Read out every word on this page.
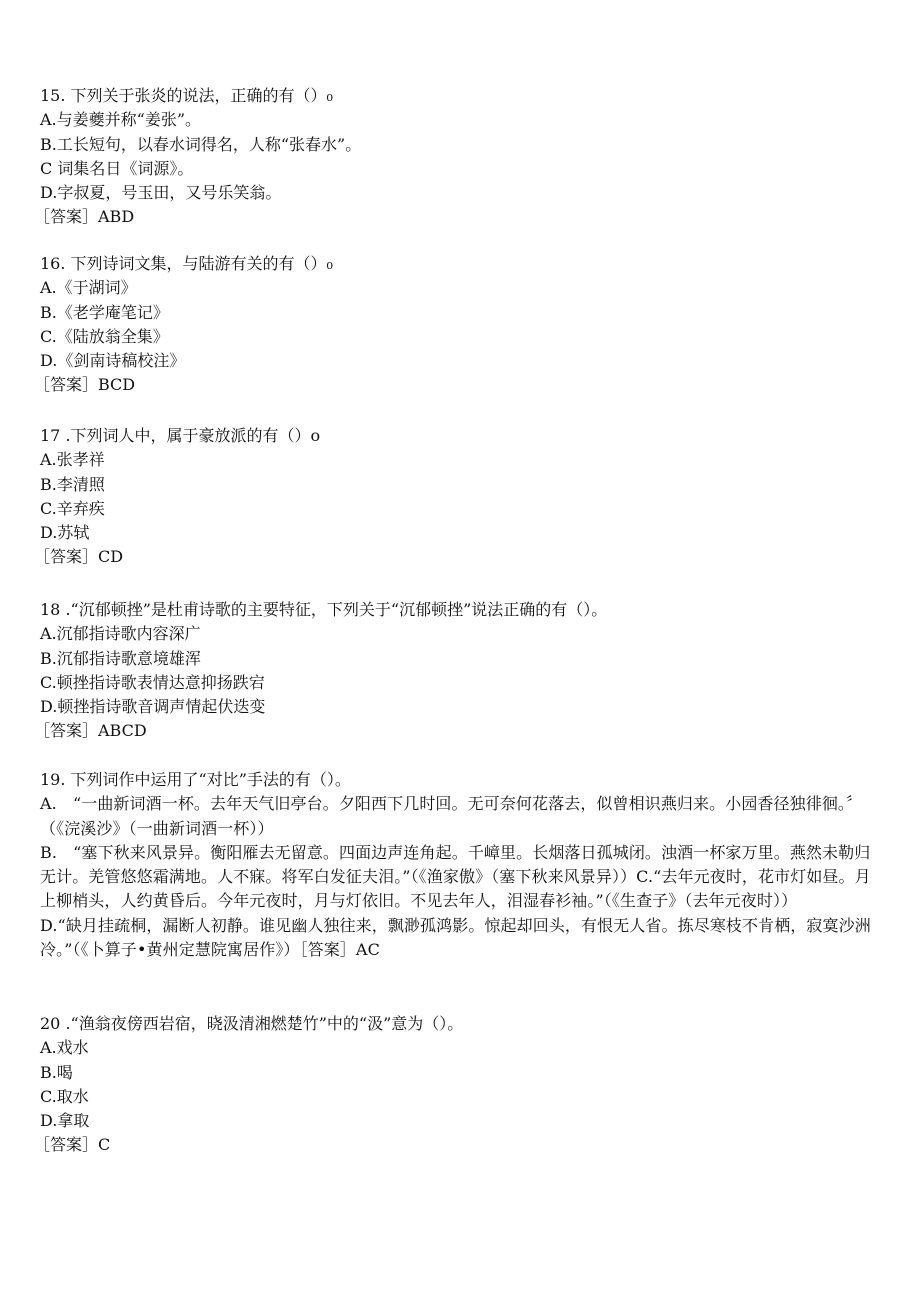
15. 下列关于张炎的说法，正确的有（）₀
A.与姜夔并称“姜张”。
B.工长短句，以春水词得名，人称“张春水”。
C 词集名日《词源》。
D.字叔夏，号玉田，又号乐笑翁。
［答案］ABD
16. 下列诗词文集，与陆游有关的有（）₀
A.《于湖词》
B.《老学庵笔记》
C.《陆放翁全集》
D.《剑南诗稿校注》
［答案］BCD
17 .下列词人中，属于豪放派的有（）o
A.张孝祥
B.李清照
C.辛弃疾
D.苏轼
［答案］CD
18 .“沉郁顿挫”是杜甫诗歌的主要特征，下列关于“沉郁顿挫”说法正确的有（）。
A.沉郁指诗歌内容深广
B.沉郁指诗歌意境雄浑
C.顿挫指诗歌表情达意抑扬跌宕
D.顿挫指诗歌音调声情起伏迭变
［答案］ABCD
19. 下列词作中运用了“对比”手法的有（）。
A.　“一曲新词酒一杯。去年天气旧亭台。夕阳西下几时回。无可奈何花落去，似曾相识燕归来。小园香径独徘徊。〞（《浣溪沙》（一曲新词酒一杯））
B.　“塞下秋来风景异。衡阳雁去无留意。四面边声连角起。千嶂里。长烟落日孤城闭。浊酒一杯家万里。燕然未勒归无计。羌管悠悠霜满地。人不寐。将军白发征夫泪。”（《渔家傲》（塞下秋来风景异））C.“去年元夜时，花市灯如昼。月上柳梢头，人约黄昏后。今年元夜时，月与灯依旧。不见去年人，泪湿春衫袖。”（《生查子》（去年元夜时））
D.“缺月挂疏桐，漏断人初静。谁见幽人独往来，飘渺孤鸿影。惊起却回头，有恨无人省。拣尽寒枝不肯栖，寂寞沙洲冷。”（《卜算子•黄州定慧院寓居作》）［答案］AC
20 .“渔翁夜傍西岩宿，晓汲清湘燃楚竹”中的“汲”意为（）。
A.戏水
B.喝
C.取水
D.拿取
［答案］C
